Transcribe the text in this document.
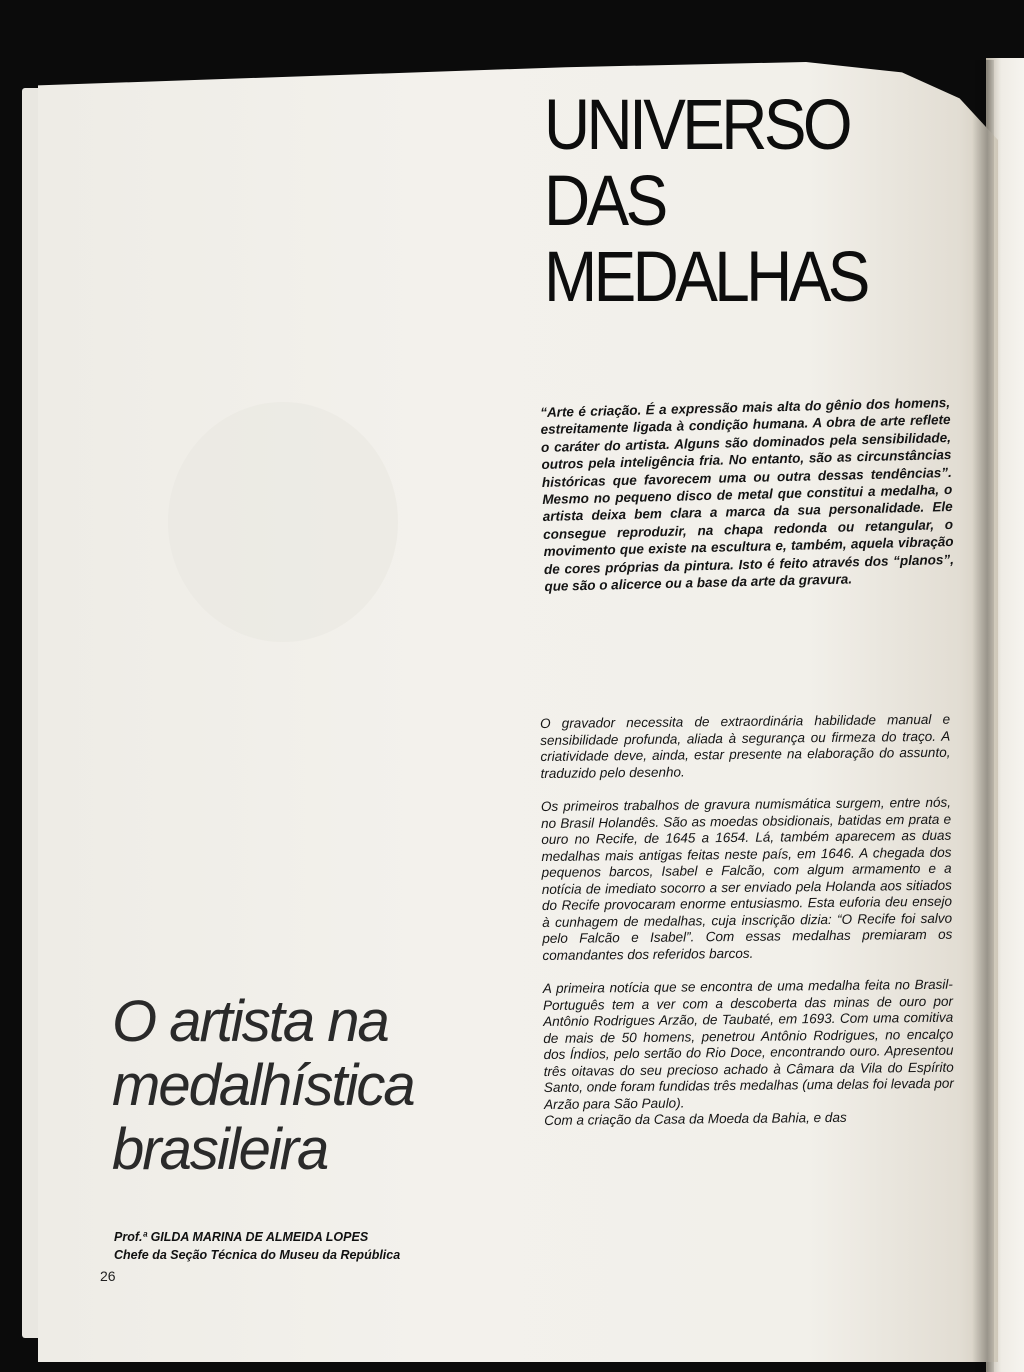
UNIVERSO
DAS
MEDALHAS

“Arte é criação. É a expressão mais alta do gênio dos homens, estreitamente ligada à condição humana. A obra de arte reflete o caráter do artista. Alguns são dominados pela sensibilidade, outros pela inteligência fria. No entanto, são as circunstâncias históricas que favorecem uma ou outra dessas tendências”. Mesmo no pequeno disco de metal que constitui a medalha, o artista deixa bem clara a marca da sua personalidade. Ele consegue reproduzir, na chapa redonda ou retangular, o movimento que existe na escultura e, também, aquela vibração de cores próprias da pintura. Isto é feito através dos “planos”, que são o alicerce ou a base da arte da gravura.

O gravador necessita de extraordinária habilidade manual e sensibilidade profunda, aliada à segurança ou firmeza do traço. A criatividade deve, ainda, estar presente na elaboração do assunto, traduzido pelo desenho.

Os primeiros trabalhos de gravura numismática surgem, entre nós, no Brasil Holandês. São as moedas obsidionais, batidas em prata e ouro no Recife, de 1645 a 1654. Lá, também aparecem as duas medalhas mais antigas feitas neste país, em 1646. A chegada dos pequenos barcos, Isabel e Falcão, com algum armamento e a notícia de imediato socorro a ser enviado pela Holanda aos sitiados do Recife provocaram enorme entusiasmo. Esta euforia deu ensejo à cunhagem de medalhas, cuja inscrição dizia: “O Recife foi salvo pelo Falcão e Isabel”. Com essas medalhas premiaram os comandantes dos referidos barcos.

A primeira notícia que se encontra de uma medalha feita no Brasil-Português tem a ver com a descoberta das minas de ouro por Antônio Rodrigues Arzão, de Taubaté, em 1693. Com uma comitiva de mais de 50 homens, penetrou Antônio Rodrigues, no encalço dos Índios, pelo sertão do Rio Doce, encontrando ouro. Apresentou três oitavas do seu precioso achado à Câmara da Vila do Espírito Santo, onde foram fundidas três medalhas (uma delas foi levada por Arzão para São Paulo).

Com a criação da Casa da Moeda da Bahia, e das

O artista na
medalhística
brasileira
Prof.ª GILDA MARINA DE ALMEIDA LOPES
Chefe da Seção Técnica do Museu da República
26
